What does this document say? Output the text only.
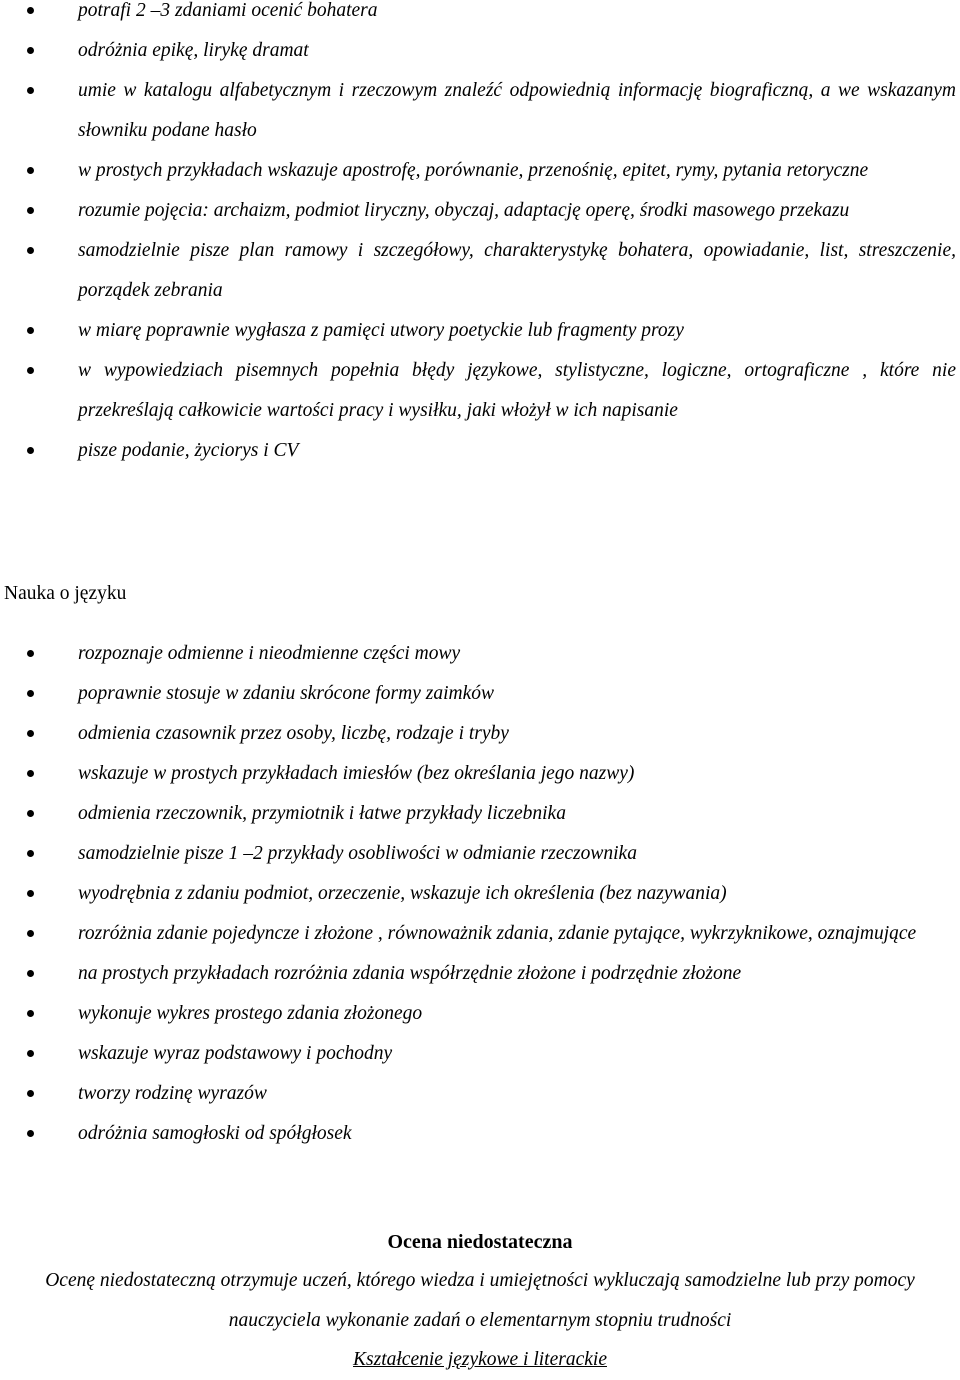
potrafi 2 –3 zdaniami ocenić bohatera
odróżnia epikę, lirykę dramat
umie w katalogu alfabetycznym i rzeczowym znaleźć odpowiednią informację biograficzną, a we wskazanym słowniku podane hasło
w prostych przykładach wskazuje apostrofę, porównanie, przenośnię, epitet, rymy, pytania retoryczne
rozumie pojęcia: archaizm, podmiot liryczny, obyczaj, adaptację operę, środki masowego przekazu
samodzielnie pisze plan ramowy i szczegółowy, charakterystykę bohatera, opowiadanie, list, streszczenie, porządek zebrania
w miarę poprawnie wygłasza z pamięci utwory poetyckie lub fragmenty prozy
w wypowiedziach pisemnych popełnia błędy językowe, stylistyczne, logiczne, ortograficzne , które nie przekreślają całkowicie wartości pracy i wysiłku, jaki włożył w ich napisanie
pisze podanie, życiorys i CV
Nauka o języku
rozpoznaje odmienne i nieodmienne części mowy
poprawnie stosuje w zdaniu skrócone formy zaimków
odmienia czasownik przez osoby, liczbę, rodzaje i tryby
wskazuje w prostych przykładach imiesłów (bez określania jego nazwy)
odmienia rzeczownik, przymiotnik i łatwe przykłady liczebnika
samodzielnie pisze 1 –2 przykłady osobliwości w odmianie rzeczownika
wyodrębnia z zdaniu podmiot, orzeczenie, wskazuje ich określenia (bez nazywania)
rozróżnia zdanie pojedyncze i złożone , równoważnik zdania, zdanie pytające, wykrzyknikowe, oznajmujące
na prostych przykładach rozróżnia zdania współrzędnie złożone i podrzędnie złożone
wykonuje wykres prostego zdania złożonego
wskazuje wyraz podstawowy i pochodny
tworzy rodzinę wyrazów
odróżnia samogłoski od spółgłosek
Ocena niedostateczna
Ocenę niedostateczną otrzymuje uczeń, którego wiedza i umiejętności wykluczają samodzielne lub przy pomocy nauczyciela wykonanie zadań o elementarnym stopniu trudności
Kształcenie językowe i literackie
